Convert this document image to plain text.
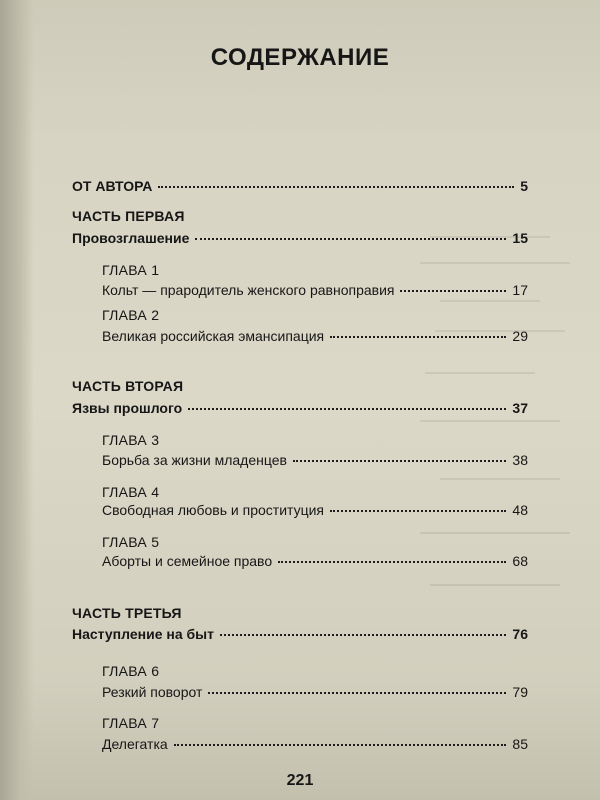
СОДЕРЖАНИЕ
ОТ АВТОРА	5
ЧАСТЬ ПЕРВАЯ
Провозглашение	15
ГЛАВА 1
Кольт — прародитель женского равноправия	17
ГЛАВА 2
Великая российская эмансипация	29
ЧАСТЬ ВТОРАЯ
Язвы прошлого	37
ГЛАВА 3
Борьба за жизни младенцев	38
ГЛАВА 4
Свободная любовь и проституция	48
ГЛАВА 5
Аборты и семейное право	68
ЧАСТЬ ТРЕТЬЯ
Наступление на быт	76
ГЛАВА 6
Резкий поворот	79
ГЛАВА 7
Делегатка	85
221
